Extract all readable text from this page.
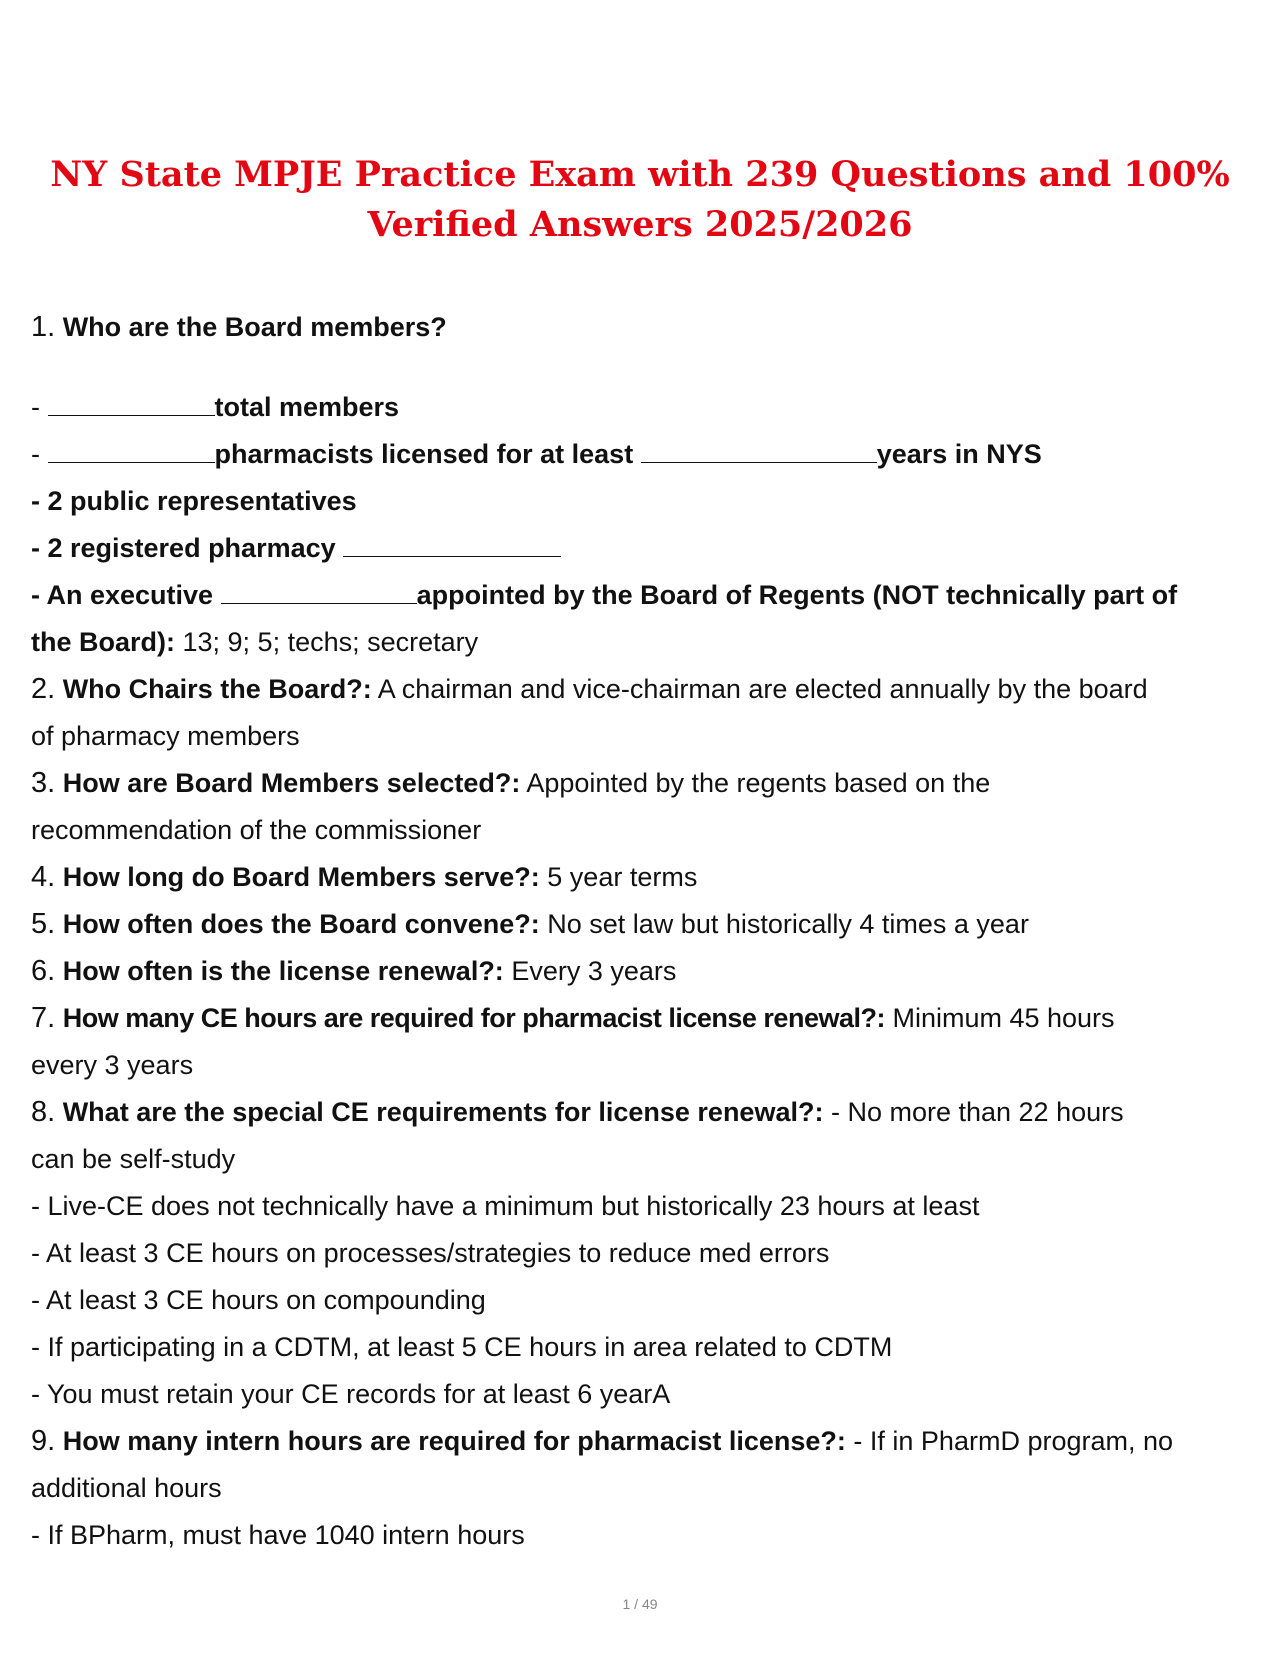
NY State MPJE Practice Exam with 239 Questions and 100% Verified Answers 2025/2026
1. Who are the Board members?
-	total members
-	pharmacists licensed for at least	years in NYS
- 2 public representatives
- 2 registered pharmacy
- An executive	appointed by the Board of Regents (NOT technically part of
the Board): 13; 9; 5; techs; secretary
2. Who Chairs the Board?: A chairman and vice-chairman are elected annually by the board
of pharmacy members
3. How are Board Members selected?: Appointed by the regents based on the
recommendation of the commissioner
4. How long do Board Members serve?: 5 year terms
5. How often does the Board convene?: No set law but historically 4 times a year
6. How often is the license renewal?: Every 3 years
7. How many CE hours are required for pharmacist license renewal?: Minimum 45 hours
every 3 years
8. What are the special CE requirements for license renewal?: - No more than 22 hours
can be self-study
- Live-CE does not technically have a minimum but historically 23 hours at least
- At least 3 CE hours on processes/strategies to reduce med errors
- At least 3 CE hours on compounding
- If participating in a CDTM, at least 5 CE hours in area related to CDTM
- You must retain your CE records for at least 6 yearA
9. How many intern hours are required for pharmacist license?: - If in PharmD program, no
additional hours
- If BPharm, must have 1040 intern hours
1 / 49
